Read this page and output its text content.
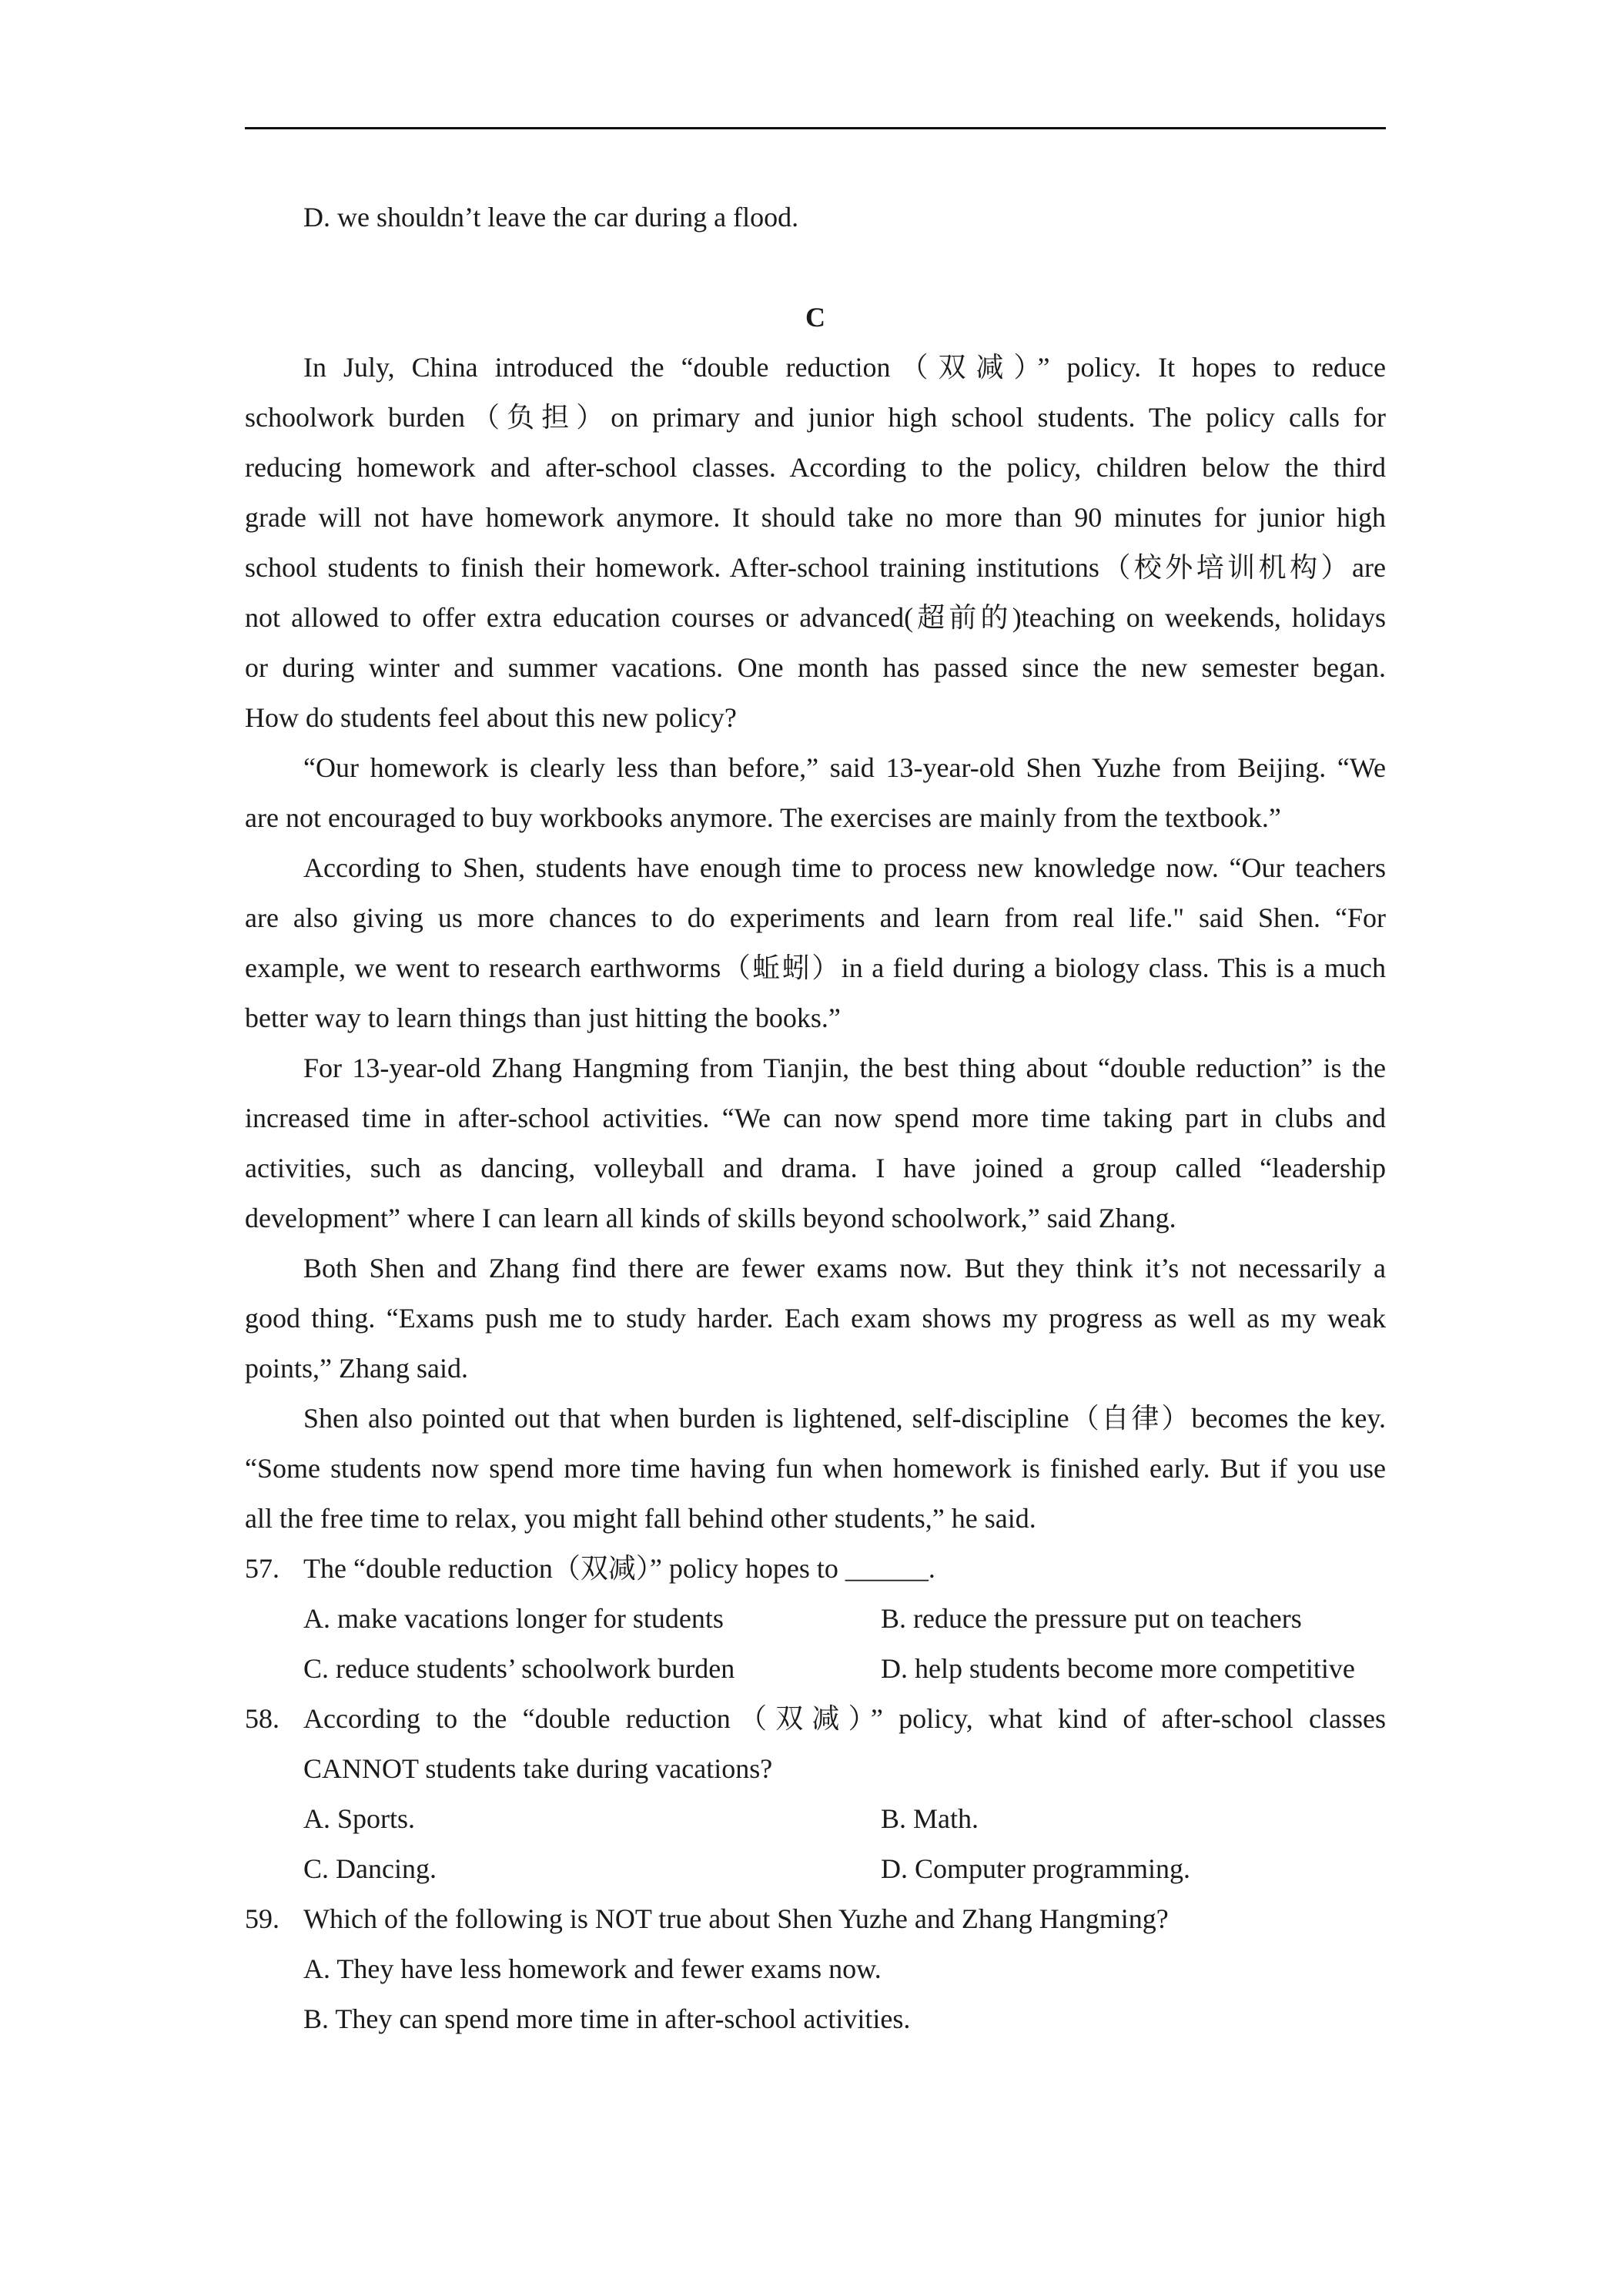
D. we shouldn’t leave the car during a flood.
C
In July, China introduced the “double reduction（双减）” policy. It hopes to reduce
schoolwork burden（负担）on primary and junior high school students. The policy calls for
reducing homework and after-school classes. According to the policy, children below the third
grade will not have homework anymore. It should take no more than 90 minutes for junior high
school students to finish their homework. After-school training institutions（校外培训机构）are
not allowed to offer extra education courses or advanced(超前的)teaching on weekends, holidays
or during winter and summer vacations. One month has passed since the new semester began.
How do students feel about this new policy?
“Our homework is clearly less than before,” said 13-year-old Shen Yuzhe from Beijing. “We
are not encouraged to buy workbooks anymore. The exercises are mainly from the textbook.”
According to Shen, students have enough time to process new knowledge now. “Our teachers
are also giving us more chances to do experiments and learn from real life." said Shen. “For
example, we went to research earthworms（蚯蚓）in a field during a biology class. This is a much
better way to learn things than just hitting the books.”
For 13-year-old Zhang Hangming from Tianjin, the best thing about “double reduction” is the
increased time in after-school activities. “We can now spend more time taking part in clubs and
activities, such as dancing, volleyball and drama. I have joined a group called “leadership
development” where I can learn all kinds of skills beyond schoolwork,” said Zhang.
Both Shen and Zhang find there are fewer exams now. But they think it’s not necessarily a
good thing. “Exams push me to study harder. Each exam shows my progress as well as my weak
points,” Zhang said.
Shen also pointed out that when burden is lightened, self-discipline（自律）becomes the key.
“Some students now spend more time having fun when homework is finished early. But if you use
all the free time to relax, you might fall behind other students,” he said.
57. The “double reduction（双减）” policy hopes to ______.
A. make vacations longer for students	B. reduce the pressure put on teachers
C. reduce students’ schoolwork burden	D. help students become more competitive
58. According to the “double reduction（双减）” policy, what kind of after-school classes
CANNOT students take during vacations?
A. Sports.	B. Math.
C. Dancing.	D. Computer programming.
59. Which of the following is NOT true about Shen Yuzhe and Zhang Hangming?
A. They have less homework and fewer exams now.
B. They can spend more time in after-school activities.
